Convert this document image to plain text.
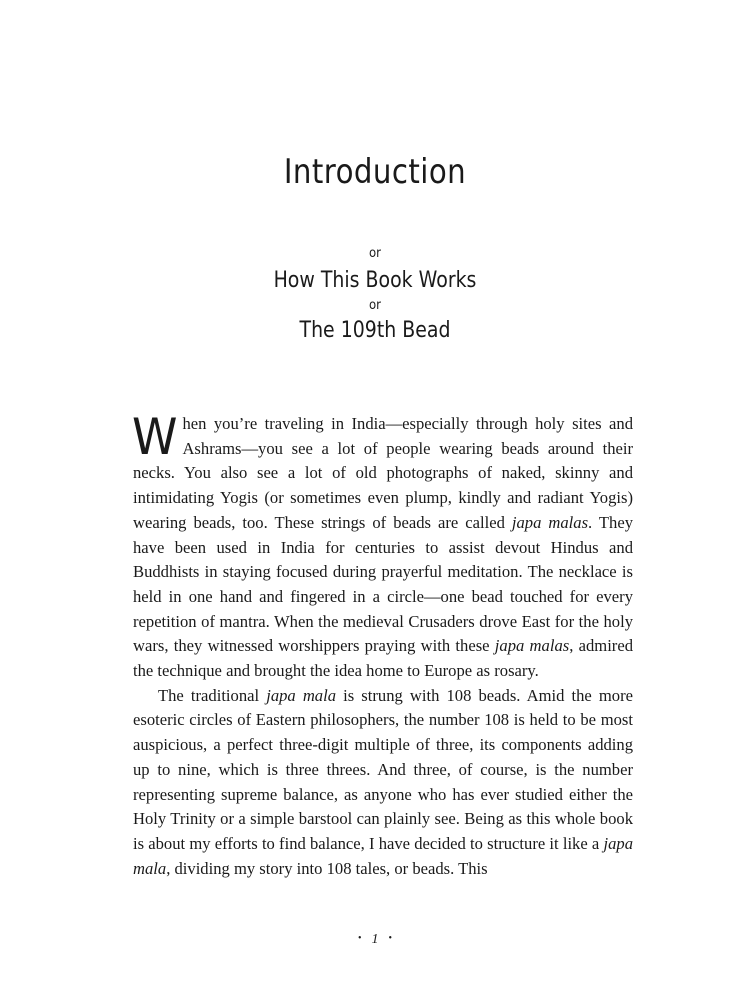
Introduction
or
How This Book Works
or
The 109th Bead

When you’re traveling in India—especially through holy sites and Ashrams—you see a lot of people wearing beads around their necks. You also see a lot of old photographs of naked, skinny and intimidating Yogis (or sometimes even plump, kindly and radiant Yogis) wearing beads, too. These strings of beads are called japa malas. They have been used in India for centuries to assist devout Hindus and Buddhists in staying focused during prayerful meditation. The necklace is held in one hand and fingered in a circle—one bead touched for every repetition of mantra. When the medieval Crusaders drove East for the holy wars, they witnessed worshippers praying with these japa malas, admired the technique and brought the idea home to Europe as rosary.

The traditional japa mala is strung with 108 beads. Amid the more esoteric circles of Eastern philosophers, the number 108 is held to be most auspicious, a perfect three-digit multiple of three, its components adding up to nine, which is three threes. And three, of course, is the number representing supreme balance, as anyone who has ever studied either the Holy Trinity or a simple barstool can plainly see. Being as this whole book is about my efforts to find balance, I have decided to structure it like a japa mala, dividing my story into 108 tales, or beads. This

• 1 •
